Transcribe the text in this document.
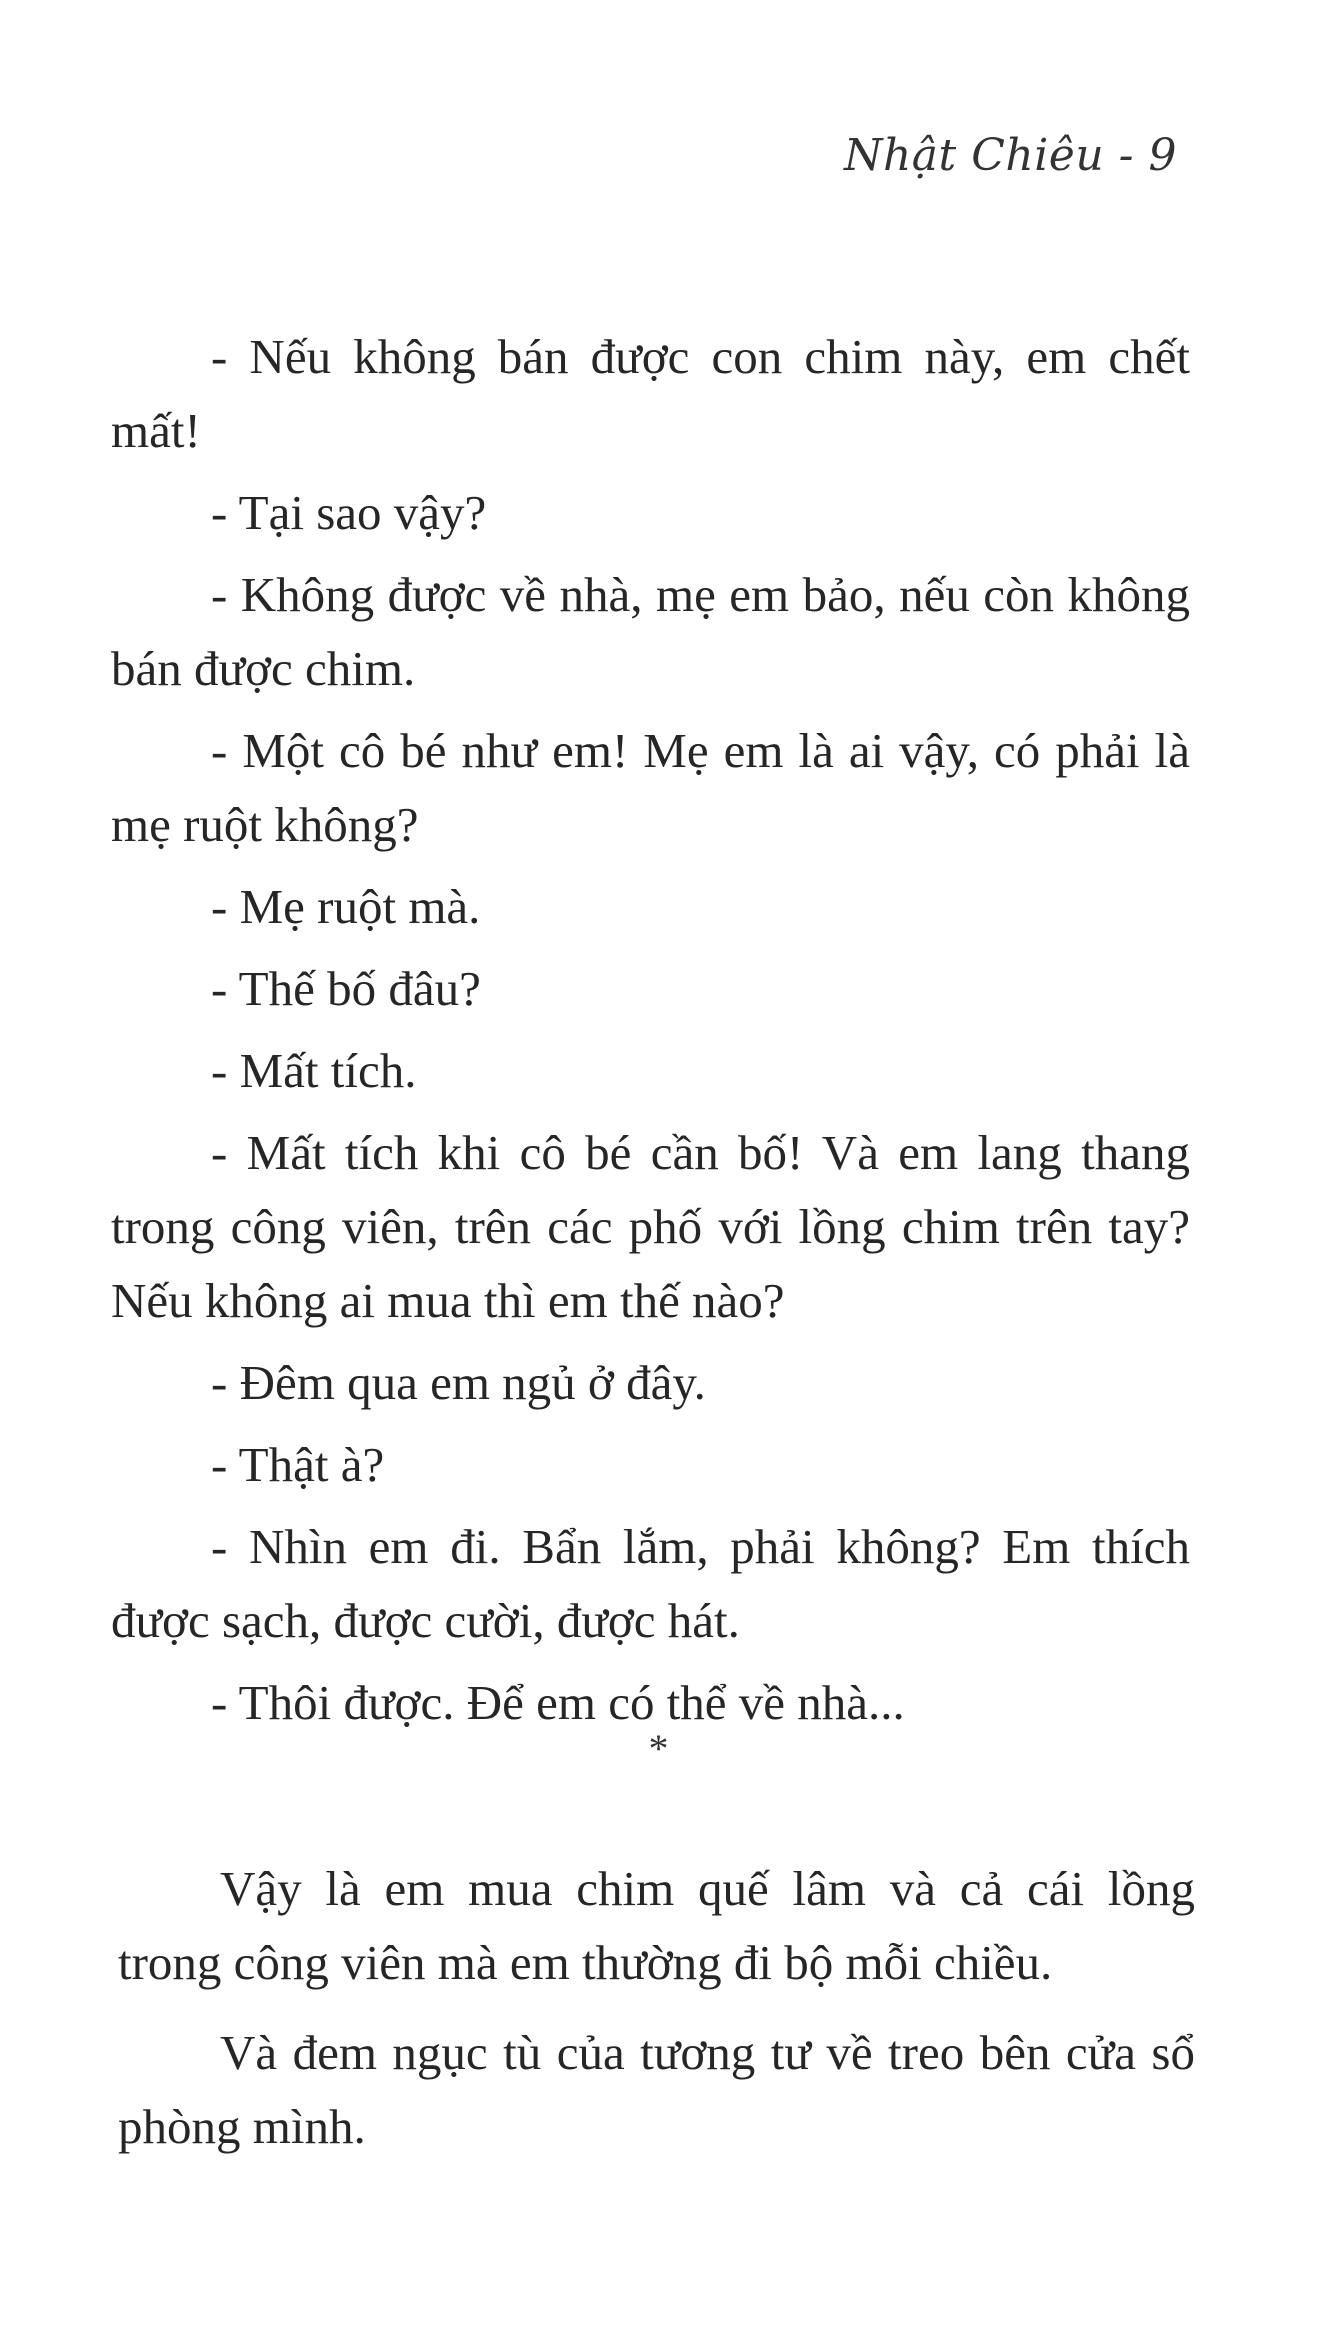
Nhật Chiêu - 9

- Nếu không bán được con chim này, em chết mất!

- Tại sao vậy?

- Không được về nhà, mẹ em bảo, nếu còn không bán được chim.

- Một cô bé như em! Mẹ em là ai vậy, có phải là mẹ ruột không?

- Mẹ ruột mà.

- Thế bố đâu?

- Mất tích.

- Mất tích khi cô bé cần bố! Và em lang thang trong công viên, trên các phố với lồng chim trên tay? Nếu không ai mua thì em thế nào?

- Đêm qua em ngủ ở đây.

- Thật à?

- Nhìn em đi. Bẩn lắm, phải không? Em thích được sạch, được cười, được hát.

- Thôi được. Để em có thể về nhà...

*

Vậy là em mua chim quế lâm và cả cái lồng trong công viên mà em thường đi bộ mỗi chiều.

Và đem ngục tù của tương tư về treo bên cửa sổ phòng mình.
